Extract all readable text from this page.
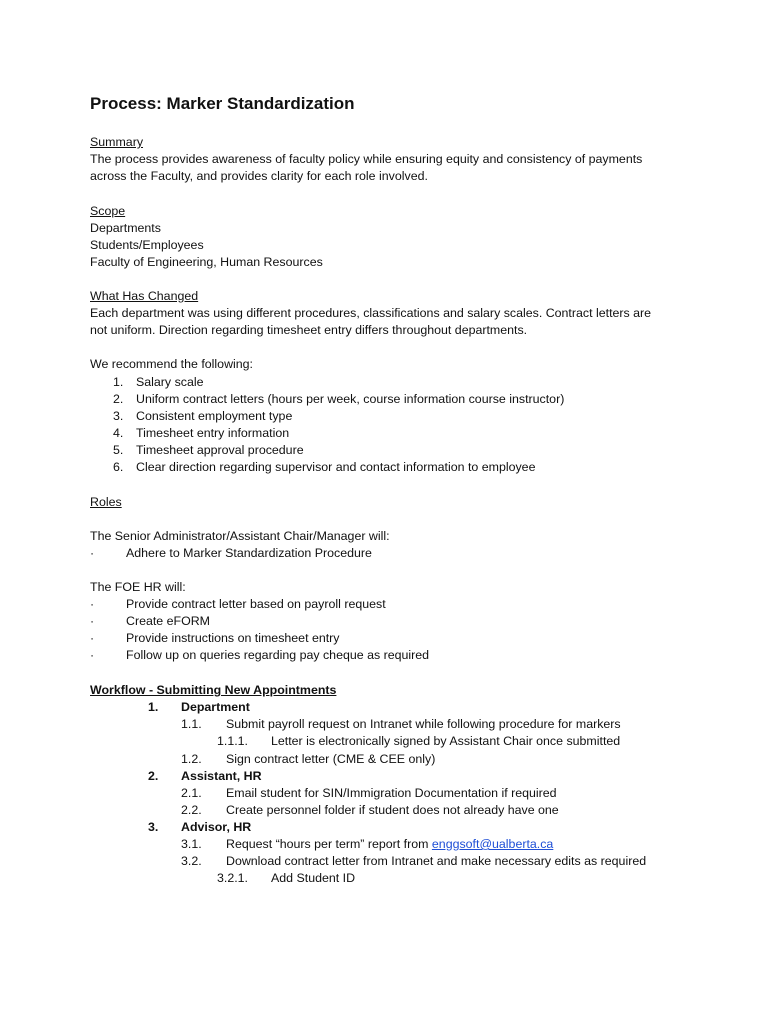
Process: Marker Standardization
Summary
The process provides awareness of faculty policy while ensuring equity and consistency of payments
across the Faculty, and provides clarity for each role involved.
Scope
Departments
Students/Employees
Faculty of Engineering, Human Resources
What Has Changed
Each department was using different procedures, classifications and salary scales. Contract letters are
not uniform. Direction regarding timesheet entry differs throughout departments.
We recommend the following:
1. Salary scale
2. Uniform contract letters (hours per week, course information course instructor)
3. Consistent employment type
4. Timesheet entry information
5. Timesheet approval procedure
6. Clear direction regarding supervisor and contact information to employee
Roles
The Senior Administrator/Assistant Chair/Manager will:
·	Adhere to Marker Standardization Procedure
The FOE HR will:
·	Provide contract letter based on payroll request
·	Create eFORM
·	Provide instructions on timesheet entry
·	Follow up on queries regarding pay cheque as required
Workflow - Submitting New Appointments
1. Department
1.1. Submit payroll request on Intranet while following procedure for markers
1.1.1. Letter is electronically signed by Assistant Chair once submitted
1.2. Sign contract letter (CME & CEE only)
2. Assistant, HR
2.1. Email student for SIN/Immigration Documentation if required
2.2. Create personnel folder if student does not already have one
3. Advisor, HR
3.1. Request “hours per term” report from enggsoft@ualberta.ca
3.2. Download contract letter from Intranet and make necessary edits as required
3.2.1. Add Student ID
